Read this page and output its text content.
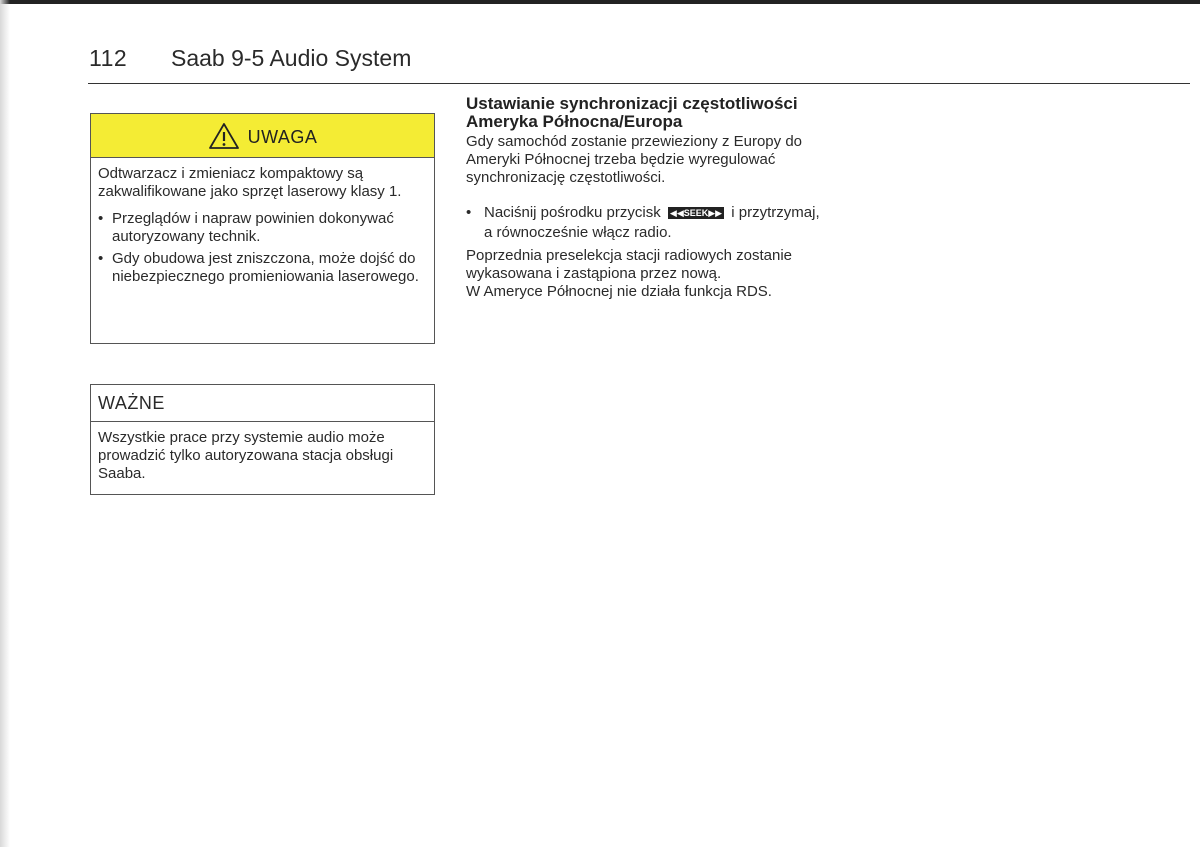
112 Saab 9-5 Audio System
UWAGA

Odtwarzacz i zmieniacz kompaktowy są zakwalifikowane jako sprzęt laserowy klasy 1.

• Przeglądów i napraw powinien dokonywać autoryzowany technik.
• Gdy obudowa jest zniszczona, może dojść do niebezpiecznego promieniowania laserowego.
WAŻNE
Wszystkie prace przy systemie audio może prowadzić tylko autoryzowana stacja obsługi Saaba.
Ustawianie synchronizacji częstotliwości Ameryka Północna/Europa

Gdy samochód zostanie przewieziony z Europy do Ameryki Północnej trzeba będzie wyregulować synchronizację częstotliwości.

• Naciśnij pośrodku przycisk ◀◀SEEK▶▶ i przytrzymaj, a równocześnie włącz radio.

Poprzednia preselekcja stacji radiowych zostanie wykasowana i zastąpiona przez nową.

W Ameryce Północnej nie działa funkcja RDS.
